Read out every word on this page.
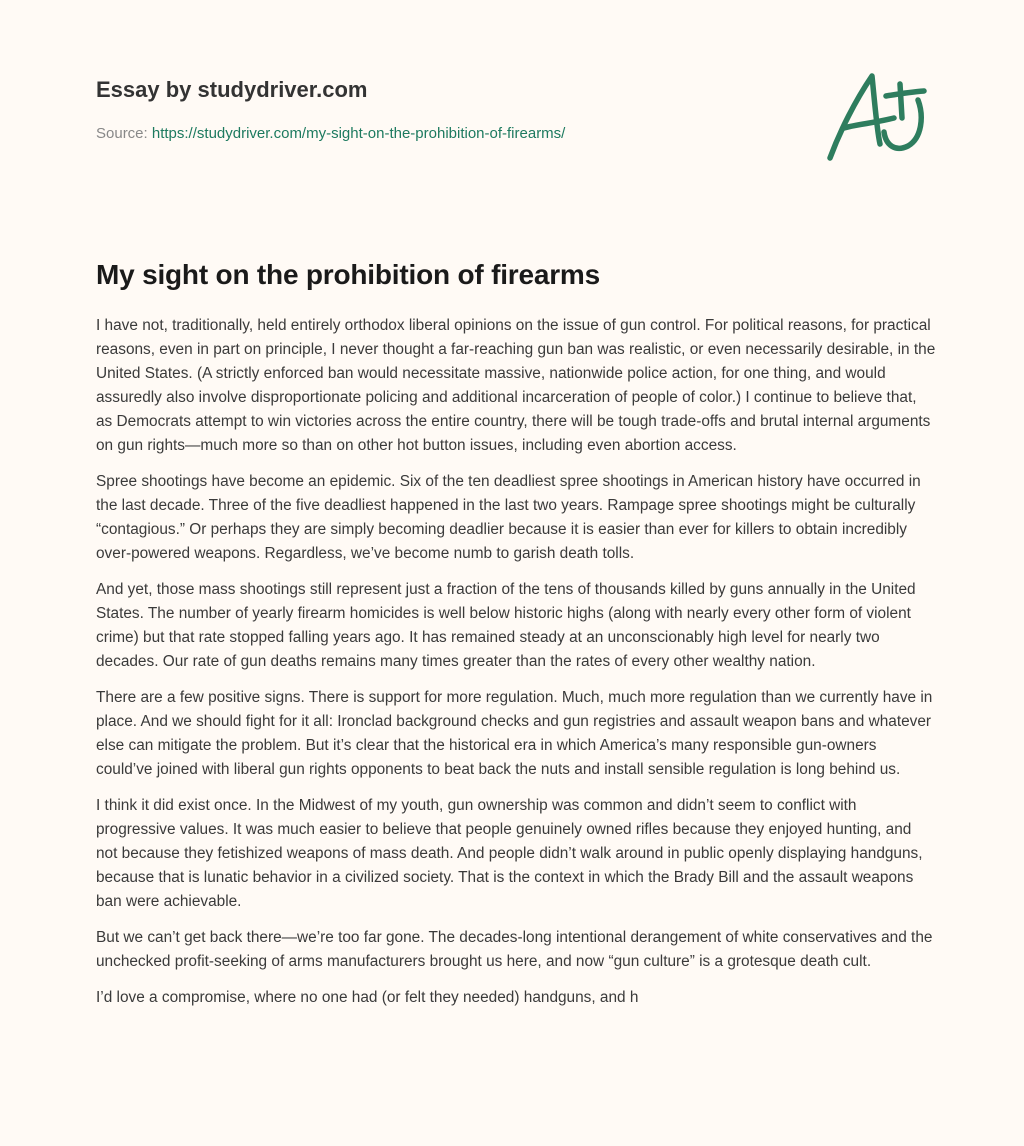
Essay by studydriver.com
Source: https://studydriver.com/my-sight-on-the-prohibition-of-firearms/
My sight on the prohibition of firearms

I have not, traditionally, held entirely orthodox liberal opinions on the issue of gun control. For political reasons, for practical reasons, even in part on principle, I never thought a far-reaching gun ban was realistic, or even necessarily desirable, in the United States. (A strictly enforced ban would necessitate massive, nationwide police action, for one thing, and would assuredly also involve disproportionate policing and additional incarceration of people of color.) I continue to believe that, as Democrats attempt to win victories across the entire country, there will be tough trade-offs and brutal internal arguments on gun rights—much more so than on other hot button issues, including even abortion access.

Spree shootings have become an epidemic. Six of the ten deadliest spree shootings in American history have occurred in the last decade. Three of the five deadliest happened in the last two years. Rampage spree shootings might be culturally “contagious.” Or perhaps they are simply becoming deadlier because it is easier than ever for killers to obtain incredibly over-powered weapons. Regardless, we’ve become numb to garish death tolls.

And yet, those mass shootings still represent just a fraction of the tens of thousands killed by guns annually in the United States. The number of yearly firearm homicides is well below historic highs (along with nearly every other form of violent crime) but that rate stopped falling years ago. It has remained steady at an unconscionably high level for nearly two decades. Our rate of gun deaths remains many times greater than the rates of every other wealthy nation.

There are a few positive signs. There is support for more regulation. Much, much more regulation than we currently have in place. And we should fight for it all: Ironclad background checks and gun registries and assault weapon bans and whatever else can mitigate the problem. But it’s clear that the historical era in which America’s many responsible gun-owners could’ve joined with liberal gun rights opponents to beat back the nuts and install sensible regulation is long behind us.

I think it did exist once. In the Midwest of my youth, gun ownership was common and didn’t seem to conflict with progressive values. It was much easier to believe that people genuinely owned rifles because they enjoyed hunting, and not because they fetishized weapons of mass death. And people didn’t walk around in public openly displaying handguns, because that is lunatic behavior in a civilized society. That is the context in which the Brady Bill and the assault weapons ban were achievable.

But we can’t get back there—we’re too far gone. The decades-long intentional derangement of white conservatives and the unchecked profit-seeking of arms manufacturers brought us here, and now “gun culture” is a grotesque death cult.

I’d love a compromise, where no one had (or felt they needed) handguns, and h
